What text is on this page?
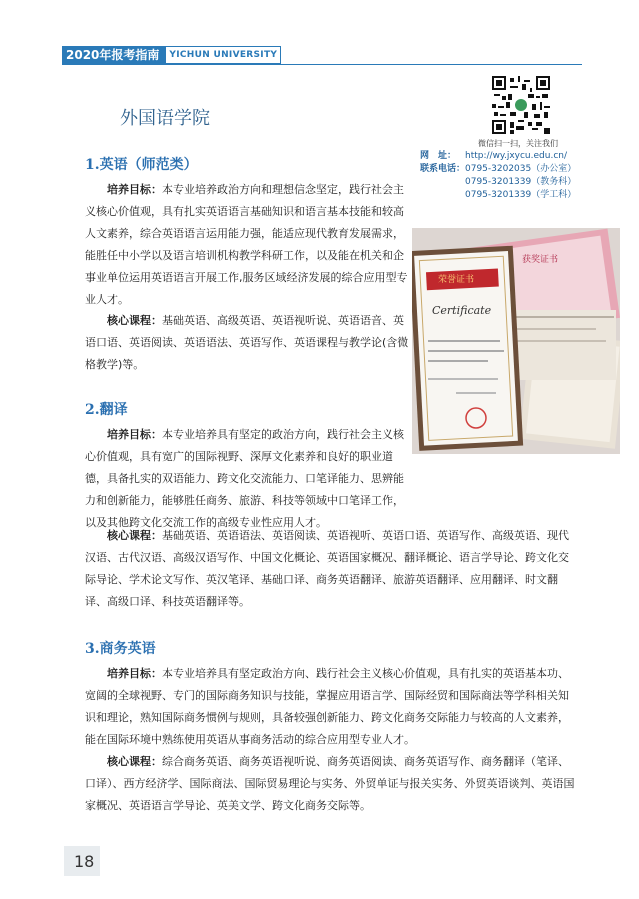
2020年报考指南	YICHUN UNIVERSITY
外国语学院
微信扫一扫，关注我们
网　址： http://wy.jxycu.edu.cn/
联系电话：0795-3202035（办公室）
0795-3201339（教务科）
0795-3201339（学工科）
获奖证书
荣誉证书
Certificate
1.英语（师范类）

培养目标：本专业培养政治方向和理想信念坚定，践行社会主义核心价值观，具有扎实英语语言基础知识和语言基本技能和较高人文素养，综合英语语言运用能力强，能适应现代教育发展需求，能胜任中小学以及语言培训机构教学科研工作，以及能在机关和企事业单位运用英语语言开展工作,服务区域经济发展的综合应用型专业人才。

核心课程：基础英语、高级英语、英语视听说、英语语音、英语口语、英语阅读、英语语法、英语写作、英语课程与教学论(含微格教学)等。

2.翻译

培养目标：本专业培养具有坚定的政治方向，践行社会主义核心价值观，具有宽广的国际视野、深厚文化素养和良好的职业道德，具备扎实的双语能力、跨文化交流能力、口笔译能力、思辨能力和创新能力，能够胜任商务、旅游、科技等领域中口笔译工作，以及其他跨文化交流工作的高级专业性应用人才。

核心课程：基础英语、英语语法、英语阅读、英语视听、英语口语、英语写作、高级英语、现代汉语、古代汉语、高级汉语写作、中国文化概论、英语国家概况、翻译概论、语言学导论、跨文化交际导论、学术论文写作、英汉笔译、基础口译、商务英语翻译、旅游英语翻译、应用翻译、时文翻译、高级口译、科技英语翻译等。

3.商务英语

培养目标：本专业培养具有坚定政治方向、践行社会主义核心价值观，具有扎实的英语基本功、宽阔的全球视野、专门的国际商务知识与技能，掌握应用语言学、国际经贸和国际商法等学科相关知识和理论，熟知国际商务惯例与规则，具备较强创新能力、跨文化商务交际能力与较高的人文素养，能在国际环境中熟练使用英语从事商务活动的综合应用型专业人才。

核心课程：综合商务英语、商务英语视听说、商务英语阅读、商务英语写作、商务翻译（笔译、口译）、西方经济学、国际商法、国际贸易理论与实务、外贸单证与报关实务、外贸英语谈判、英语国家概况、英语语言学导论、英美文学、跨文化商务交际等。

18
